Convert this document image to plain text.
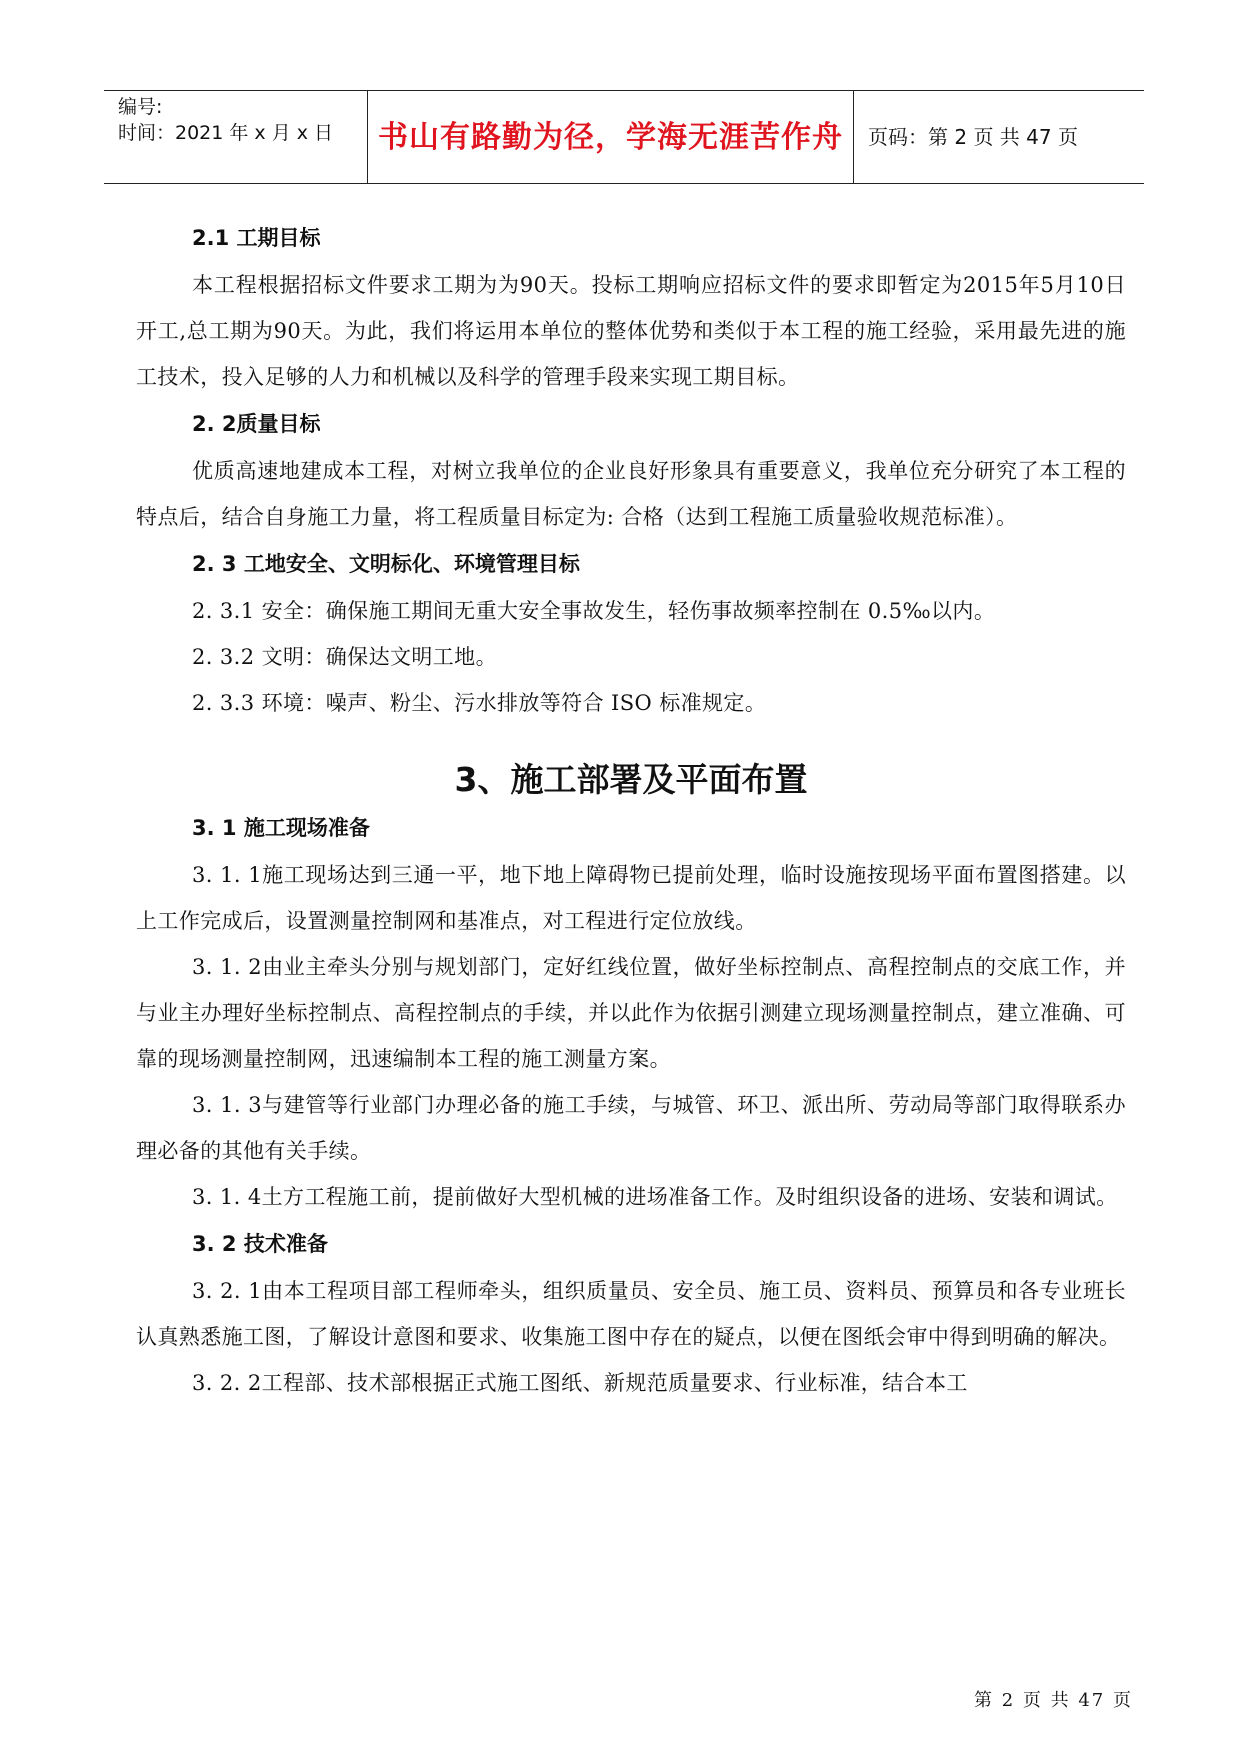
编号:
时间：2021 年 x 月 x 日	书山有路勤为径，学海无涯苦作舟	页码：第 2 页 共 47 页
2.1 工期目标

本工程根据招标文件要求工期为为90天。投标工期响应招标文件的要求即暂定为2015年5月10日开工,总工期为90天。为此，我们将运用本单位的整体优势和类似于本工程的施工经验，采用最先进的施工技术，投入足够的人力和机械以及科学的管理手段来实现工期目标。

2. 2质量目标

优质高速地建成本工程，对树立我单位的企业良好形象具有重要意义，我单位充分研究了本工程的特点后，结合自身施工力量，将工程质量目标定为: 合格（达到工程施工质量验收规范标准）。

2. 3 工地安全、文明标化、环境管理目标

2. 3.1 安全：确保施工期间无重大安全事故发生，轻伤事故频率控制在 0.5‰以内。

2. 3.2 文明：确保达文明工地。

2. 3.3 环境：噪声、粉尘、污水排放等符合 ISO 标准规定。

3、施工部署及平面布置
3. 1 施工现场准备

3. 1. 1施工现场达到三通一平，地下地上障碍物已提前处理，临时设施按现场平面布置图搭建。以上工作完成后，设置测量控制网和基准点，对工程进行定位放线。

3. 1. 2由业主牵头分别与规划部门，定好红线位置，做好坐标控制点、高程控制点的交底工作，并与业主办理好坐标控制点、高程控制点的手续，并以此作为依据引测建立现场测量控制点，建立准确、可靠的现场测量控制网，迅速编制本工程的施工测量方案。

3. 1. 3与建管等行业部门办理必备的施工手续，与城管、环卫、派出所、劳动局等部门取得联系办理必备的其他有关手续。

3. 1. 4土方工程施工前，提前做好大型机械的进场准备工作。及时组织设备的进场、安装和调试。

3. 2 技术准备

3. 2. 1由本工程项目部工程师牵头，组织质量员、安全员、施工员、资料员、预算员和各专业班长认真熟悉施工图，了解设计意图和要求、收集施工图中存在的疑点，以便在图纸会审中得到明确的解决。

3. 2. 2工程部、技术部根据正式施工图纸、新规范质量要求、行业标准，结合本工

第 2 页 共 47 页
